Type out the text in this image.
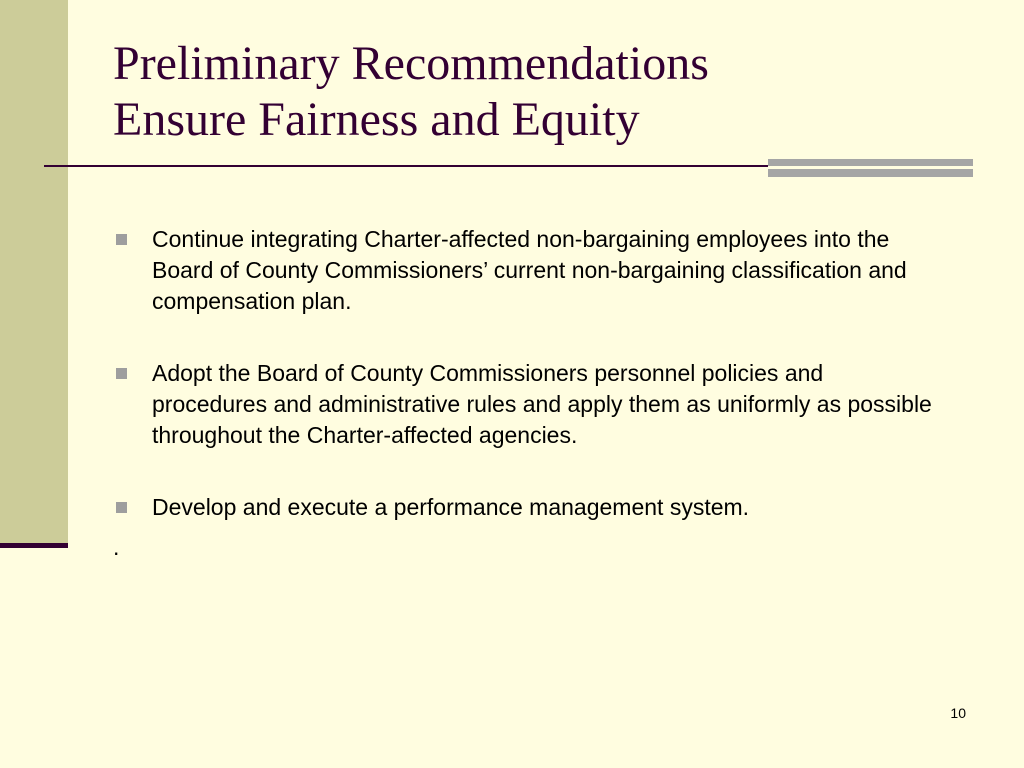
Preliminary Recommendations
Ensure Fairness and Equity
Continue integrating Charter-affected non-bargaining employees into the Board of County Commissioners’ current non-bargaining classification and compensation plan.
Adopt the Board of County Commissioners personnel policies and procedures and administrative rules and apply them as uniformly as possible throughout the Charter-affected agencies.
Develop and execute a performance management system.
.
10
